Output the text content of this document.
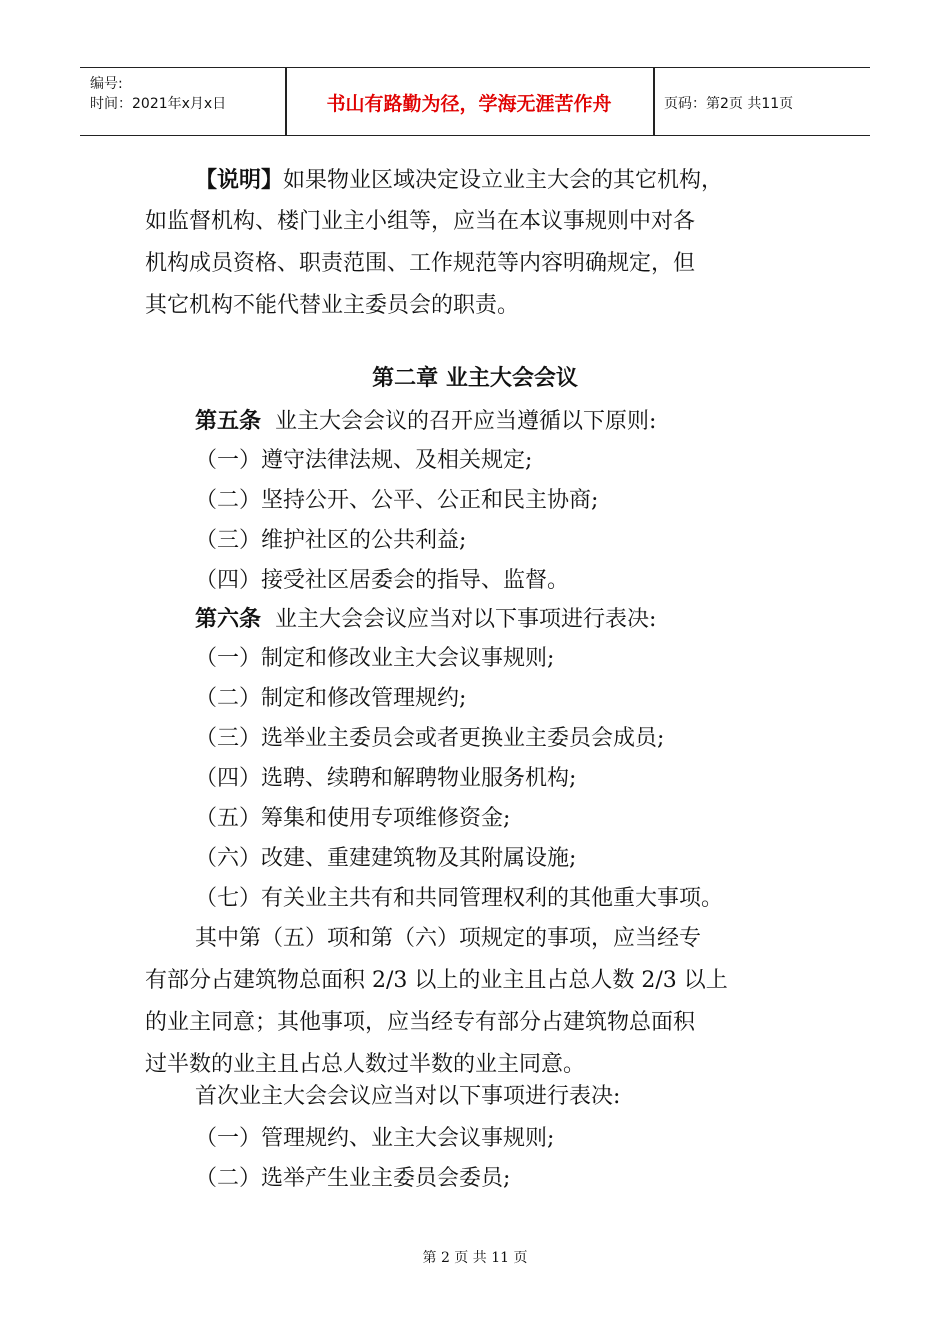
编号:
时间：2021年x月x日	书山有路勤为径，学海无涯苦作舟	页码：第2页 共11页
【说明】如果物业区域决定设立业主大会的其它机构，
如监督机构、楼门业主小组等，应当在本议事规则中对各
机构成员资格、职责范围、工作规范等内容明确规定，但
其它机构不能代替业主委员会的职责。
第二章 业主大会会议
第五条 业主大会会议的召开应当遵循以下原则:
（一）遵守法律法规、及相关规定;
（二）坚持公开、公平、公正和民主协商;
（三）维护社区的公共利益;
（四）接受社区居委会的指导、监督。
第六条 业主大会会议应当对以下事项进行表决:
（一）制定和修改业主大会议事规则;
（二）制定和修改管理规约;
（三）选举业主委员会或者更换业主委员会成员;
（四）选聘、续聘和解聘物业服务机构;
（五）筹集和使用专项维修资金;
（六）改建、重建建筑物及其附属设施;
（七）有关业主共有和共同管理权利的其他重大事项。
其中第（五）项和第（六）项规定的事项，应当经专
有部分占建筑物总面积 2/3 以上的业主且占总人数 2/3 以上
的业主同意；其他事项，应当经专有部分占建筑物总面积
过半数的业主且占总人数过半数的业主同意。
首次业主大会会议应当对以下事项进行表决:
（一）管理规约、业主大会议事规则;
（二）选举产生业主委员会委员;
第 2 页 共 11 页
